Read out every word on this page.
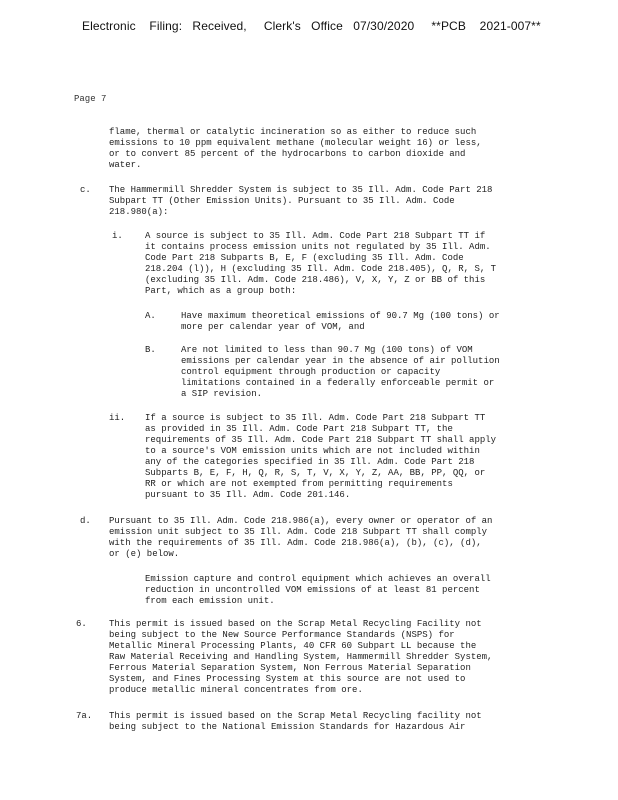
Electronic    Filing:   Received,     Clerk's   Office   07/30/2020     **PCB    2021-007**
Page 7
flame, thermal or catalytic incineration so as either to reduce such
emissions to 10 ppm equivalent methane (molecular weight 16) or less,
or to convert 85 percent of the hydrocarbons to carbon dioxide and
water.
c. The Hammermill Shredder System is subject to 35 Ill. Adm. Code Part 218
Subpart TT (Other Emission Units). Pursuant to 35 Ill. Adm. Code
218.980(a):
i. A source is subject to 35 Ill. Adm. Code Part 218 Subpart TT if
it contains process emission units not regulated by 35 Ill. Adm.
Code Part 218 Subparts B, E, F (excluding 35 Ill. Adm. Code
218.204 (l)), H (excluding 35 Ill. Adm. Code 218.405), Q, R, S, T
(excluding 35 Ill. Adm. Code 218.486), V, X, Y, Z or BB of this
Part, which as a group both:
A.	Have maximum theoretical emissions of 90.7 Mg (100 tons) or
more per calendar year of VOM, and
B.	Are not limited to less than 90.7 Mg (100 tons) of VOM
emissions per calendar year in the absence of air pollution
control equipment through production or capacity
limitations contained in a federally enforceable permit or
a SIP revision.
ii. If a source is subject to 35 Ill. Adm. Code Part 218 Subpart TT
as provided in 35 Ill. Adm. Code Part 218 Subpart TT, the
requirements of 35 Ill. Adm. Code Part 218 Subpart TT shall apply
to a source's VOM emission units which are not included within
any of the categories specified in 35 Ill. Adm. Code Part 218
Subparts B, E, F, H, Q, R, S, T, V, X, Y, Z, AA, BB, PP, QQ, or
RR or which are not exempted from permitting requirements
pursuant to 35 Ill. Adm. Code 201.146.
d. Pursuant to 35 Ill. Adm. Code 218.986(a), every owner or operator of an
emission unit subject to 35 Ill. Adm. Code 218 Subpart TT shall comply
with the requirements of 35 Ill. Adm. Code 218.986(a), (b), (c), (d),
or (e) below.
Emission capture and control equipment which achieves an overall
reduction in uncontrolled VOM emissions of at least 81 percent
from each emission unit.
6. This permit is issued based on the Scrap Metal Recycling Facility not
being subject to the New Source Performance Standards (NSPS) for
Metallic Mineral Processing Plants, 40 CFR 60 Subpart LL because the
Raw Material Receiving and Handling System, Hammermill Shredder System,
Ferrous Material Separation System, Non Ferrous Material Separation
System, and Fines Processing System at this source are not used to
produce metallic mineral concentrates from ore.
7a. This permit is issued based on the Scrap Metal Recycling facility not
being subject to the National Emission Standards for Hazardous Air
